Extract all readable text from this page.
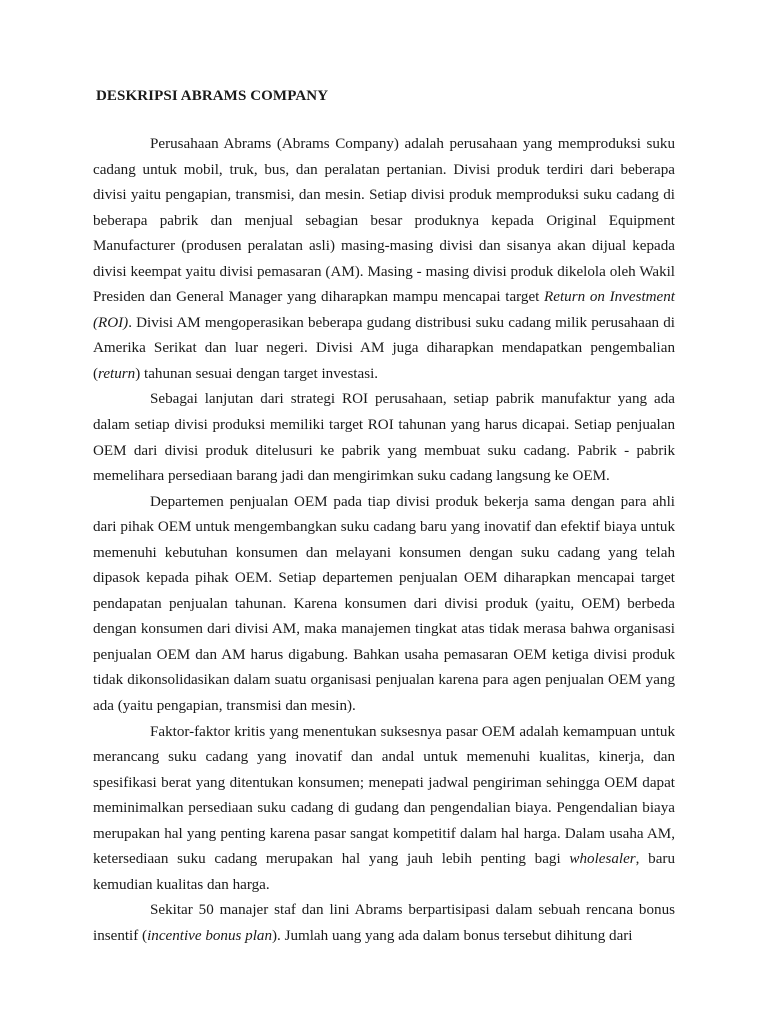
DESKRIPSI ABRAMS COMPANY

Perusahaan Abrams (Abrams Company) adalah perusahaan yang memproduksi suku cadang untuk mobil, truk, bus, dan peralatan pertanian. Divisi produk terdiri dari beberapa divisi yaitu pengapian, transmisi, dan mesin. Setiap divisi produk memproduksi suku cadang di beberapa pabrik dan menjual sebagian besar produknya kepada Original Equipment Manufacturer (produsen peralatan asli) masing-masing divisi dan sisanya akan dijual kepada divisi keempat yaitu divisi pemasaran (AM). Masing - masing divisi produk dikelola oleh Wakil Presiden dan General Manager yang diharapkan mampu mencapai target Return on Investment (ROI). Divisi AM mengoperasikan beberapa gudang distribusi suku cadang milik perusahaan di Amerika Serikat dan luar negeri. Divisi AM juga diharapkan mendapatkan pengembalian (return) tahunan sesuai dengan target investasi.

Sebagai lanjutan dari strategi ROI perusahaan, setiap pabrik manufaktur yang ada dalam setiap divisi produksi memiliki target ROI tahunan yang harus dicapai. Setiap penjualan OEM dari divisi produk ditelusuri ke pabrik yang membuat suku cadang. Pabrik - pabrik memelihara persediaan barang jadi dan mengirimkan suku cadang langsung ke OEM.

Departemen penjualan OEM pada tiap divisi produk bekerja sama dengan para ahli dari pihak OEM untuk mengembangkan suku cadang baru yang inovatif dan efektif biaya untuk memenuhi kebutuhan konsumen dan melayani konsumen dengan suku cadang yang telah dipasok kepada pihak OEM. Setiap departemen penjualan OEM diharapkan mencapai target pendapatan penjualan tahunan. Karena konsumen dari divisi produk (yaitu, OEM) berbeda dengan konsumen dari divisi AM, maka manajemen tingkat atas tidak merasa bahwa organisasi penjualan OEM dan AM harus digabung. Bahkan usaha pemasaran OEM ketiga divisi produk tidak dikonsolidasikan dalam suatu organisasi penjualan karena para agen penjualan OEM yang ada (yaitu pengapian, transmisi dan mesin).

Faktor-faktor kritis yang menentukan suksesnya pasar OEM adalah kemampuan untuk merancang suku cadang yang inovatif dan andal untuk memenuhi kualitas, kinerja, dan spesifikasi berat yang ditentukan konsumen; menepati jadwal pengiriman sehingga OEM dapat meminimalkan persediaan suku cadang di gudang dan pengendalian biaya. Pengendalian biaya merupakan hal yang penting karena pasar sangat kompetitif dalam hal harga. Dalam usaha AM, ketersediaan suku cadang merupakan hal yang jauh lebih penting bagi wholesaler, baru kemudian kualitas dan harga.

Sekitar 50 manajer staf dan lini Abrams berpartisipasi dalam sebuah rencana bonus insentif (incentive bonus plan). Jumlah uang yang ada dalam bonus tersebut dihitung dari
